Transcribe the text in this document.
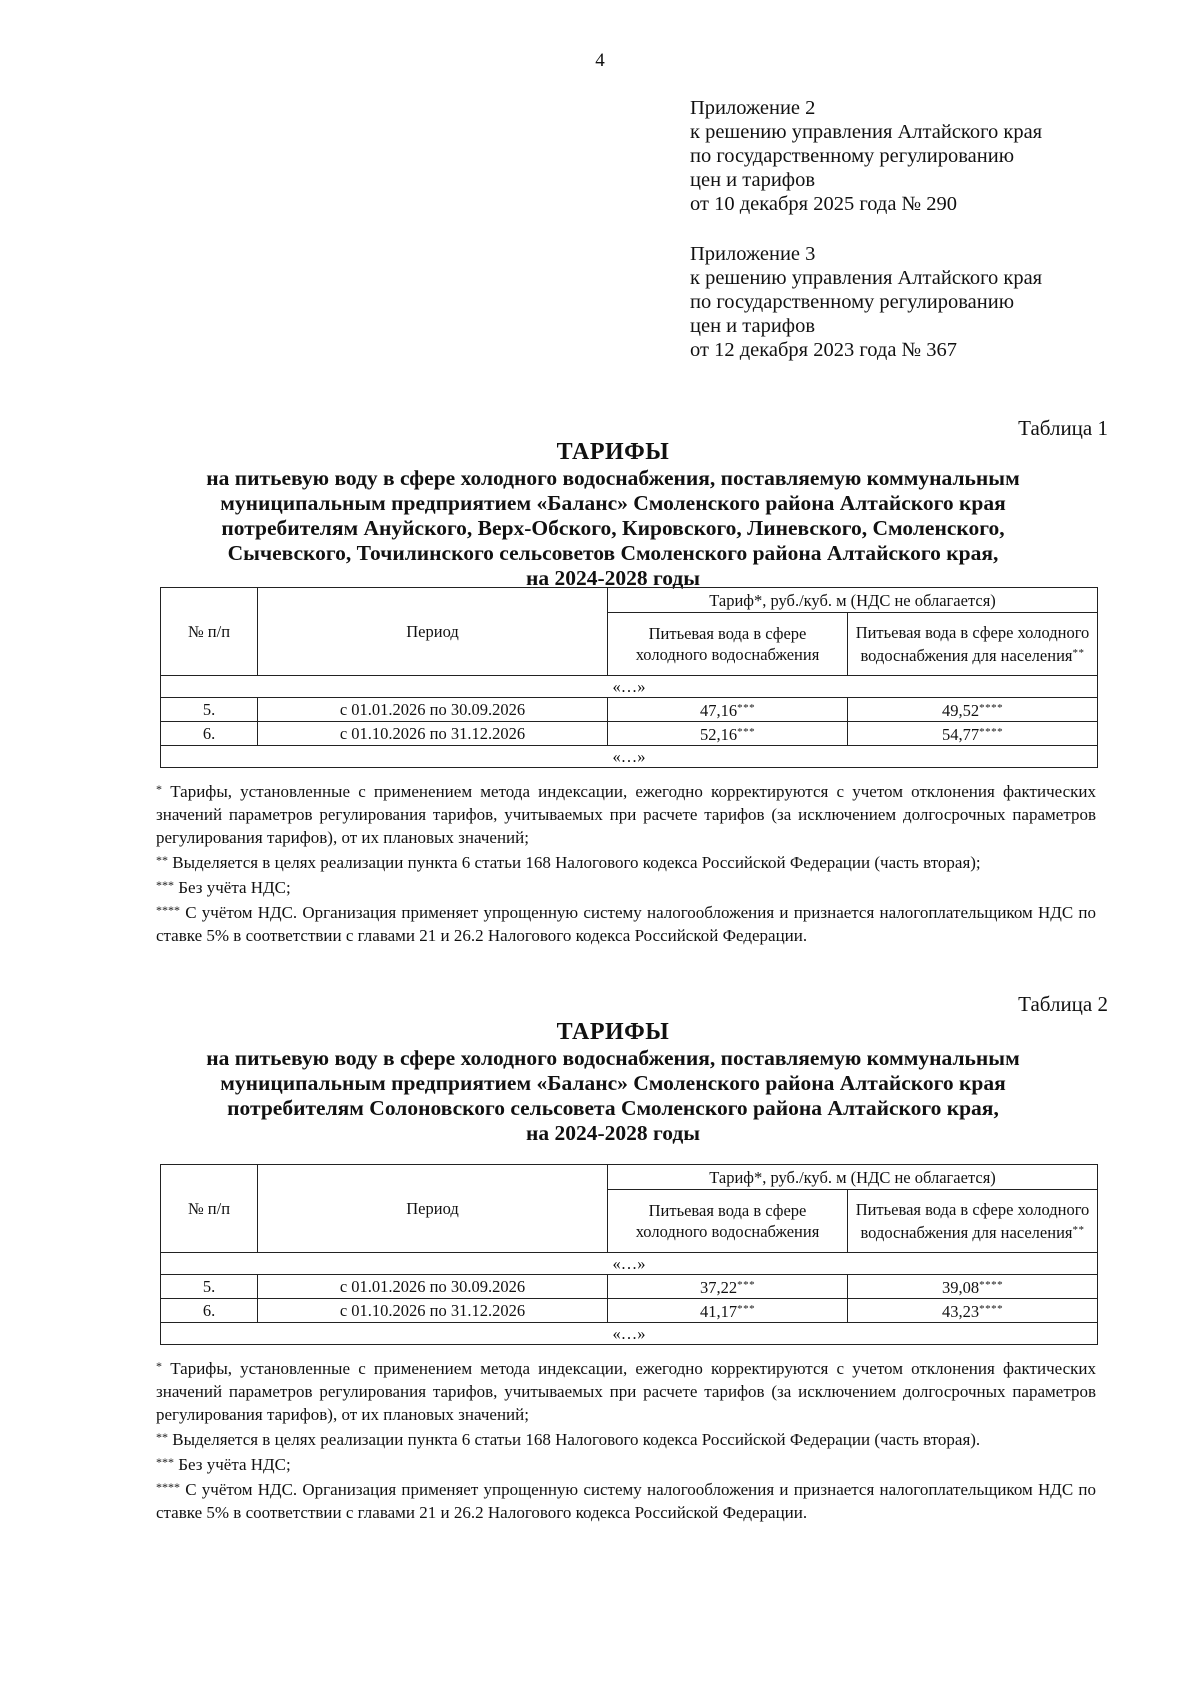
4
Приложение 2
к решению управления Алтайского края
по государственному регулированию
цен и тарифов
от 10 декабря 2025 года № 290
Приложение 3
к решению управления Алтайского края
по государственному регулированию
цен и тарифов
от 12 декабря 2023 года № 367
Таблица 1
ТАРИФЫ
на питьевую воду в сфере холодного водоснабжения, поставляемую коммунальным
муниципальным предприятием «Баланс» Смоленского района Алтайского края
потребителям Ануйского, Верх-Обского, Кировского, Линевского, Смоленского,
Сычевского, Точилинского сельсоветов Смоленского района Алтайского края,
на 2024-2028 годы
№ п/п	Период	Тариф*, руб./куб. м (НДС не облагается)	
		Питьевая вода в сфере холодного водоснабжения	Питьевая вода в сфере холодного водоснабжения для населения**
«…»			
5.	с 01.01.2026 по 30.09.2026	47,16***	49,52****
6.	с 01.10.2026 по 31.12.2026	52,16***	54,77****
«…»			

* Тарифы, установленные с применением метода индексации, ежегодно корректируются с учетом отклонения фактических значений параметров регулирования тарифов, учитываемых при расчете тарифов (за исключением долгосрочных параметров регулирования тарифов), от их плановых значений;

** Выделяется в целях реализации пункта 6 статьи 168 Налогового кодекса Российской Федерации (часть вторая);

*** Без учёта НДС;

**** С учётом НДС. Организация применяет упрощенную систему налогообложения и признается налогоплательщиком НДС по ставке 5% в соответствии с главами 21 и 26.2 Налогового кодекса Российской Федерации.

Таблица 2
ТАРИФЫ
на питьевую воду в сфере холодного водоснабжения, поставляемую коммунальным
муниципальным предприятием «Баланс» Смоленского района Алтайского края
потребителям Солоновского сельсовета Смоленского района Алтайского края,
на 2024-2028 годы
№ п/п	Период	Тариф*, руб./куб. м (НДС не облагается)	
		Питьевая вода в сфере холодного водоснабжения	Питьевая вода в сфере холодного водоснабжения для населения**
«…»			
5.	с 01.01.2026 по 30.09.2026	37,22***	39,08****
6.	с 01.10.2026 по 31.12.2026	41,17***	43,23****
«…»			

* Тарифы, установленные с применением метода индексации, ежегодно корректируются с учетом отклонения фактических значений параметров регулирования тарифов, учитываемых при расчете тарифов (за исключением долгосрочных параметров регулирования тарифов), от их плановых значений;

** Выделяется в целях реализации пункта 6 статьи 168 Налогового кодекса Российской Федерации (часть вторая).

*** Без учёта НДС;

**** С учётом НДС. Организация применяет упрощенную систему налогообложения и признается налогоплательщиком НДС по ставке 5% в соответствии с главами 21 и 26.2 Налогового кодекса Российской Федерации.
